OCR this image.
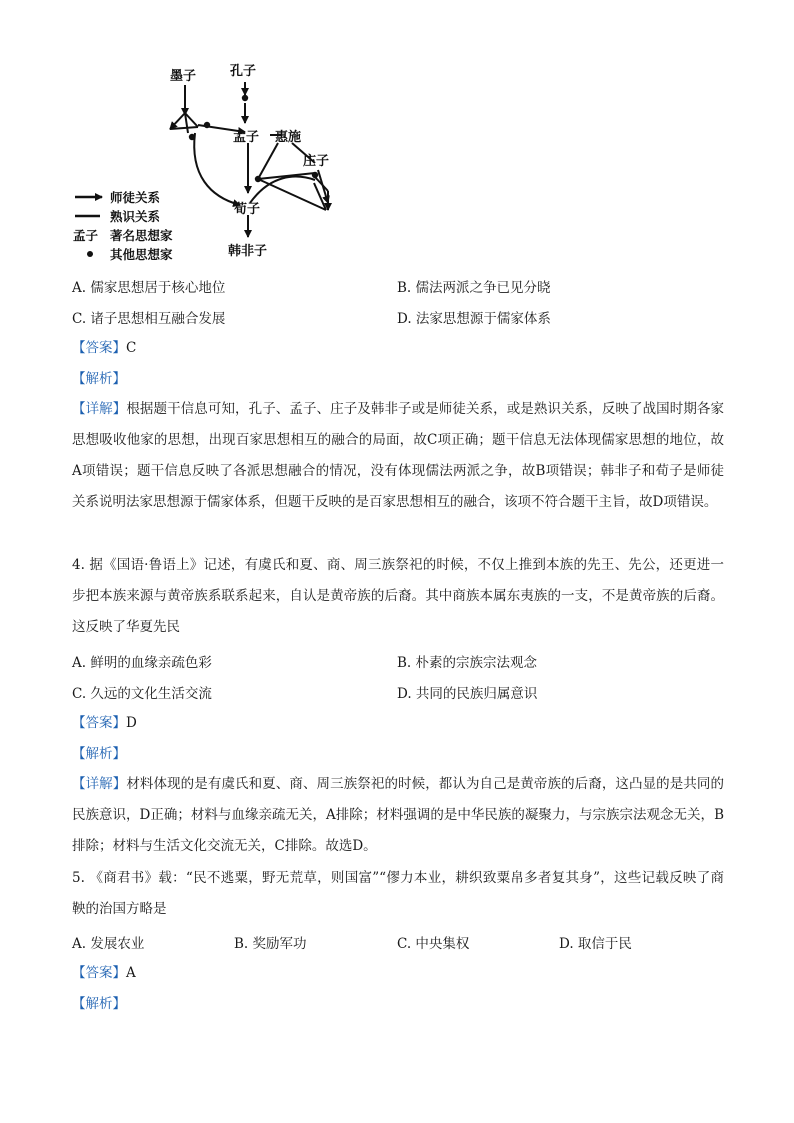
墨子	孔子
孟子 惠施
庄子
荀子
韩非子
师徒关系
熟识关系
孟子 著名思想家
其他思想家
A. 儒家思想居于核心地位	B. 儒法两派之争已见分晓
C. 诸子思想相互融合发展	D. 法家思想源于儒家体系
【答案】C
【解析】
【详解】根据题干信息可知，孔子、孟子、庄子及韩非子或是师徒关系，或是熟识关系，反映了战国时期各家思想吸收他家的思想，出现百家思想相互的融合的局面，故C项正确；题干信息无法体现儒家思想的地位，故A项错误；题干信息反映了各派思想融合的情况，没有体现儒法两派之争，故B项错误；韩非子和荀子是师徒关系说明法家思想源于儒家体系，但题干反映的是百家思想相互的融合，该项不符合题干主旨，故D项错误。
4. 据《国语·鲁语上》记述，有虞氏和夏、商、周三族祭祀的时候，不仅上推到本族的先王、先公，还更进一步把本族来源与黄帝族系联系起来，自认是黄帝族的后裔。其中商族本属东夷族的一支，不是黄帝族的后裔。这反映了华夏先民
A. 鲜明的血缘亲疏色彩	B. 朴素的宗族宗法观念
C. 久远的文化生活交流	D. 共同的民族归属意识
【答案】D
【解析】
【详解】材料体现的是有虞氏和夏、商、周三族祭祀的时候，都认为自己是黄帝族的后裔，这凸显的是共同的民族意识，D正确；材料与血缘亲疏无关，A排除；材料强调的是中华民族的凝聚力，与宗族宗法观念无关，B排除；材料与生活文化交流无关，C排除。故选D。
5. 《商君书》载：“民不逃粟，野无荒草，则国富”“僇力本业，耕织致粟帛多者复其身”，这些记载反映了商鞅的治国方略是
A. 发展农业	B. 奖励军功	C. 中央集权	D. 取信于民
【答案】A
【解析】
